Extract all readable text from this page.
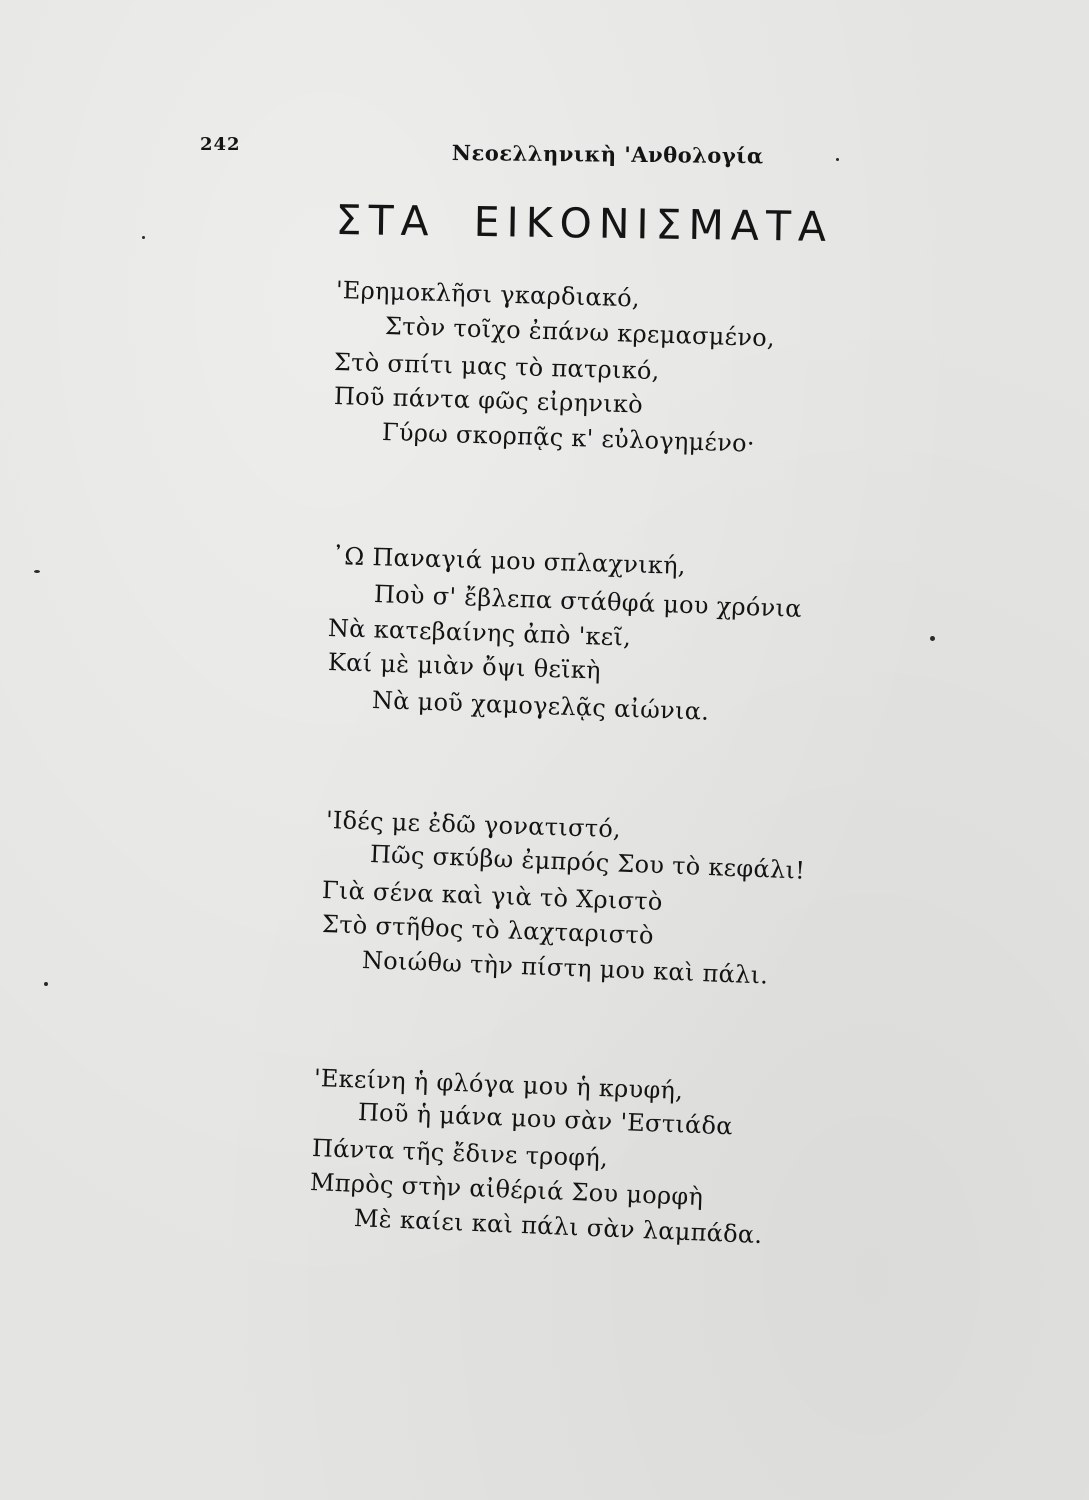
242	Νεοελληνικὴ 'Ανθολογία
ΣΤΑ ΕΙΚΟΝΙΣΜΑΤΑ
'Ερημοκλῆσι γκαρδιακό,
Στὸν τοῖχο ἐπάνω κρεμασμένο,
Στὸ σπίτι μας τὸ πατρικό,
Ποῦ πάντα φῶς εἰρηνικὸ
Γύρω σκορπᾷς κ' εὐλογημένο·
᾿Ω Παναγιά μου σπλαχνική,
Ποὺ σ' ἔβλεπα στάθφά μου χρόνια
Νὰ κατεβαίνης ἀπὸ 'κεῖ,
Καί μὲ μιὰν ὄψι θεϊκὴ
Νὰ μοῦ χαμογελᾷς αἰώνια.
'Ιδές με ἐδῶ γονατιστό,
Πῶς σκύβω ἐμπρός Σου τὸ κεφάλι!
Γιὰ σένα καὶ γιὰ τὸ Χριστὸ
Στὸ στῆθος τὸ λαχταριστὸ
Νοιώθω τὴν πίστη μου καὶ πάλι.
'Εκείνη ἡ φλόγα μου ἡ κρυφή,
Ποῦ ἡ μάνα μου σὰν 'Εστιάδα
Πάντα τῆς ἔδινε τροφή,
Μπρὸς στὴν αἰθέριά Σου μορφὴ
Μὲ καίει καὶ πάλι σὰν λαμπάδα.
